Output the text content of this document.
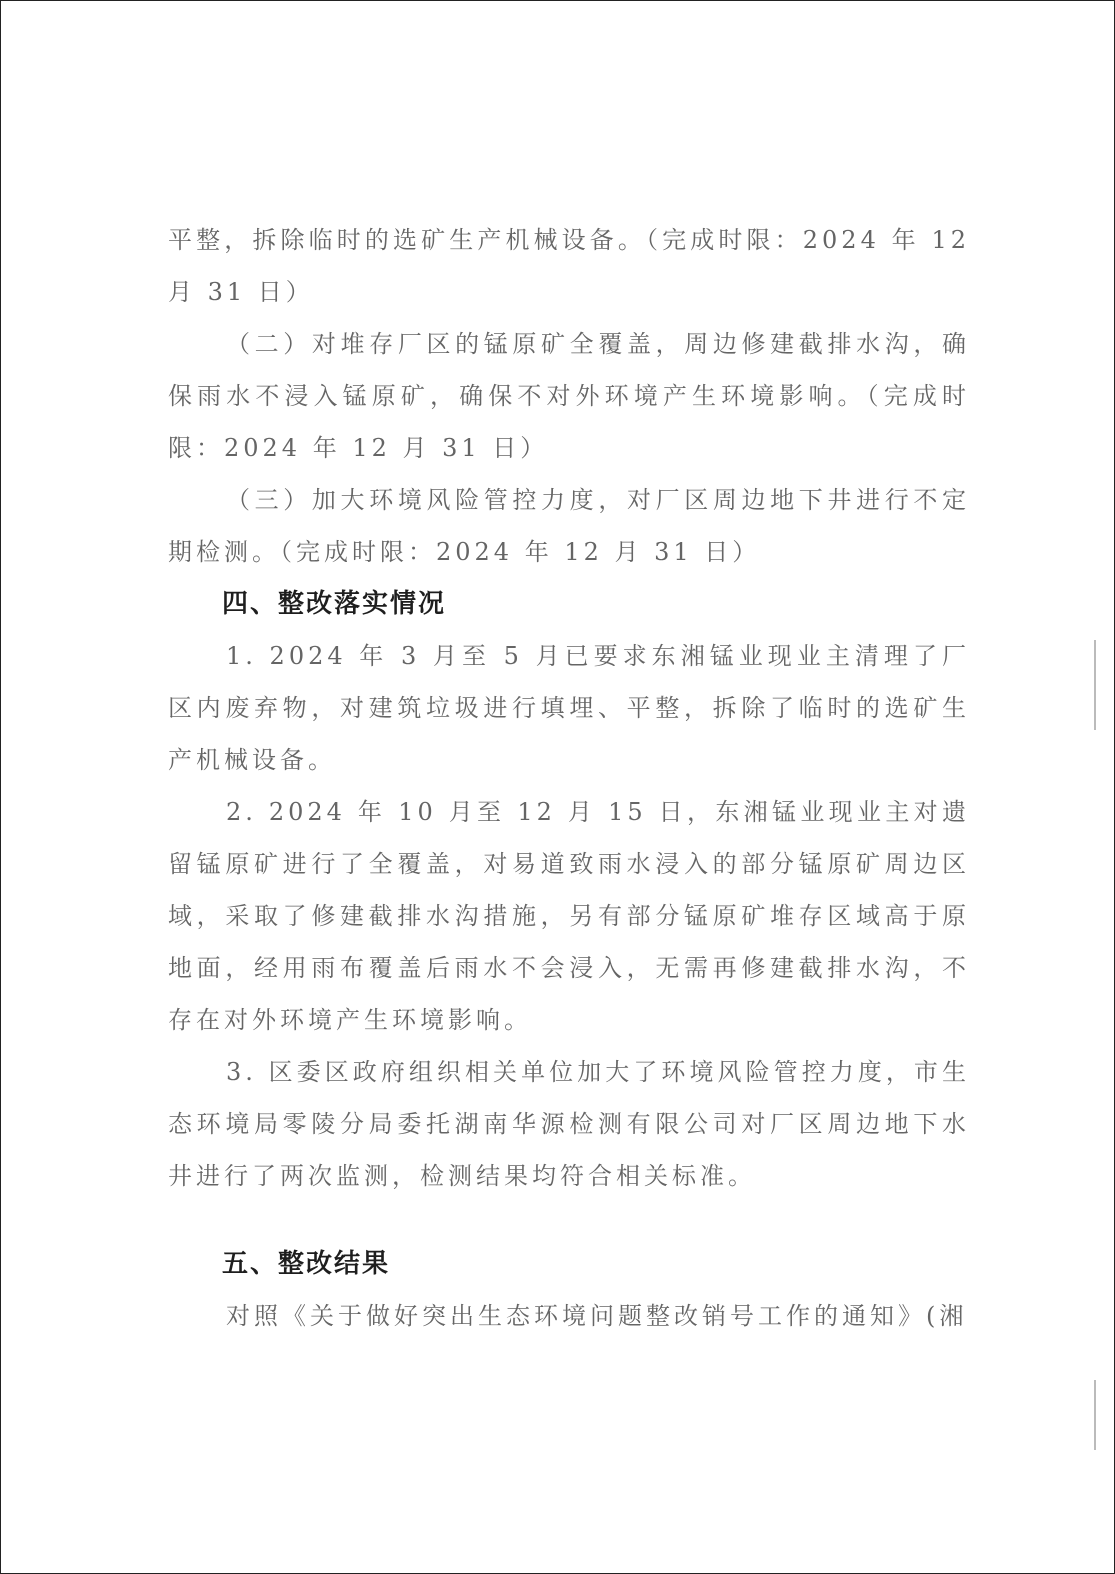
平整，拆除临时的选矿生产机械设备。（完成时限：2024 年 12 月 31 日）

（二）对堆存厂区的锰原矿全覆盖，周边修建截排水沟，确保雨水不浸入锰原矿，确保不对外环境产生环境影响。（完成时限：2024 年 12 月 31 日）

（三）加大环境风险管控力度，对厂区周边地下井进行不定期检测。（完成时限：2024 年 12 月 31 日）

四、整改落实情况

1. 2024 年 3 月至 5 月已要求东湘锰业现业主清理了厂区内废弃物，对建筑垃圾进行填埋、平整，拆除了临时的选矿生产机械设备。

2. 2024 年 10 月至 12 月 15 日，东湘锰业现业主对遗留锰原矿进行了全覆盖，对易道致雨水浸入的部分锰原矿周边区域，采取了修建截排水沟措施，另有部分锰原矿堆存区域高于原地面，经用雨布覆盖后雨水不会浸入，无需再修建截排水沟，不存在对外环境产生环境影响。

3. 区委区政府组织相关单位加大了环境风险管控力度，市生态环境局零陵分局委托湖南华源检测有限公司对厂区周边地下水井进行了两次监测，检测结果均符合相关标准。

五、整改结果

对照《关于做好突出生态环境问题整改销号工作的通知》(湘
